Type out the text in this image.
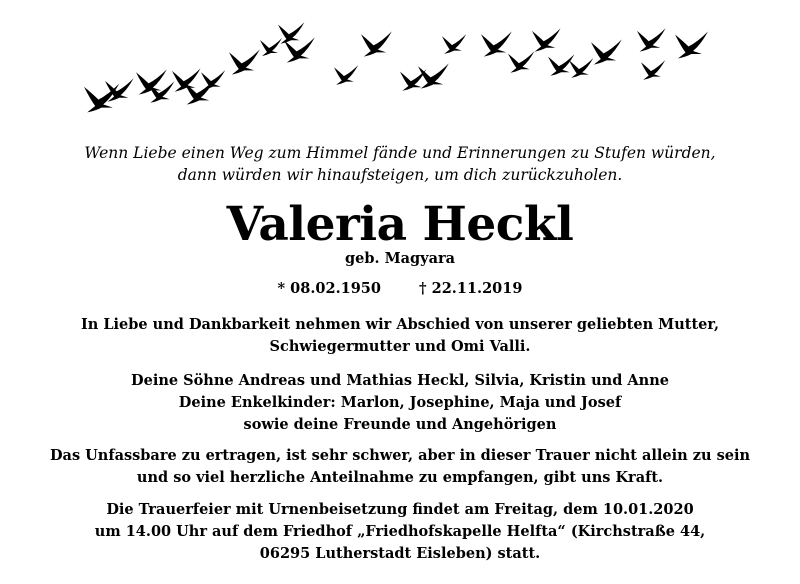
Wenn Liebe einen Weg zum Himmel fände und Erinnerungen zu Stufen würden,
dann würden wir hinaufsteigen, um dich zurückzuholen.
Valeria Heckl
geb. Magyara
* 08.02.1950	† 22.11.2019
In Liebe und Dankbarkeit nehmen wir Abschied von unserer geliebten Mutter,
Schwiegermutter und Omi Valli.
Deine Söhne Andreas und Mathias Heckl, Silvia, Kristin und Anne
Deine Enkelkinder: Marlon, Josephine, Maja und Josef
sowie deine Freunde und Angehörigen
Das Unfassbare zu ertragen, ist sehr schwer, aber in dieser Trauer nicht allein zu sein
und so viel herzliche Anteilnahme zu empfangen, gibt uns Kraft.
Die Trauerfeier mit Urnenbeisetzung findet am Freitag, dem 10.01.2020
um 14.00 Uhr auf dem Friedhof „Friedhofskapelle Helfta“ (Kirchstraße 44,
06295 Lutherstadt Eisleben) statt.
